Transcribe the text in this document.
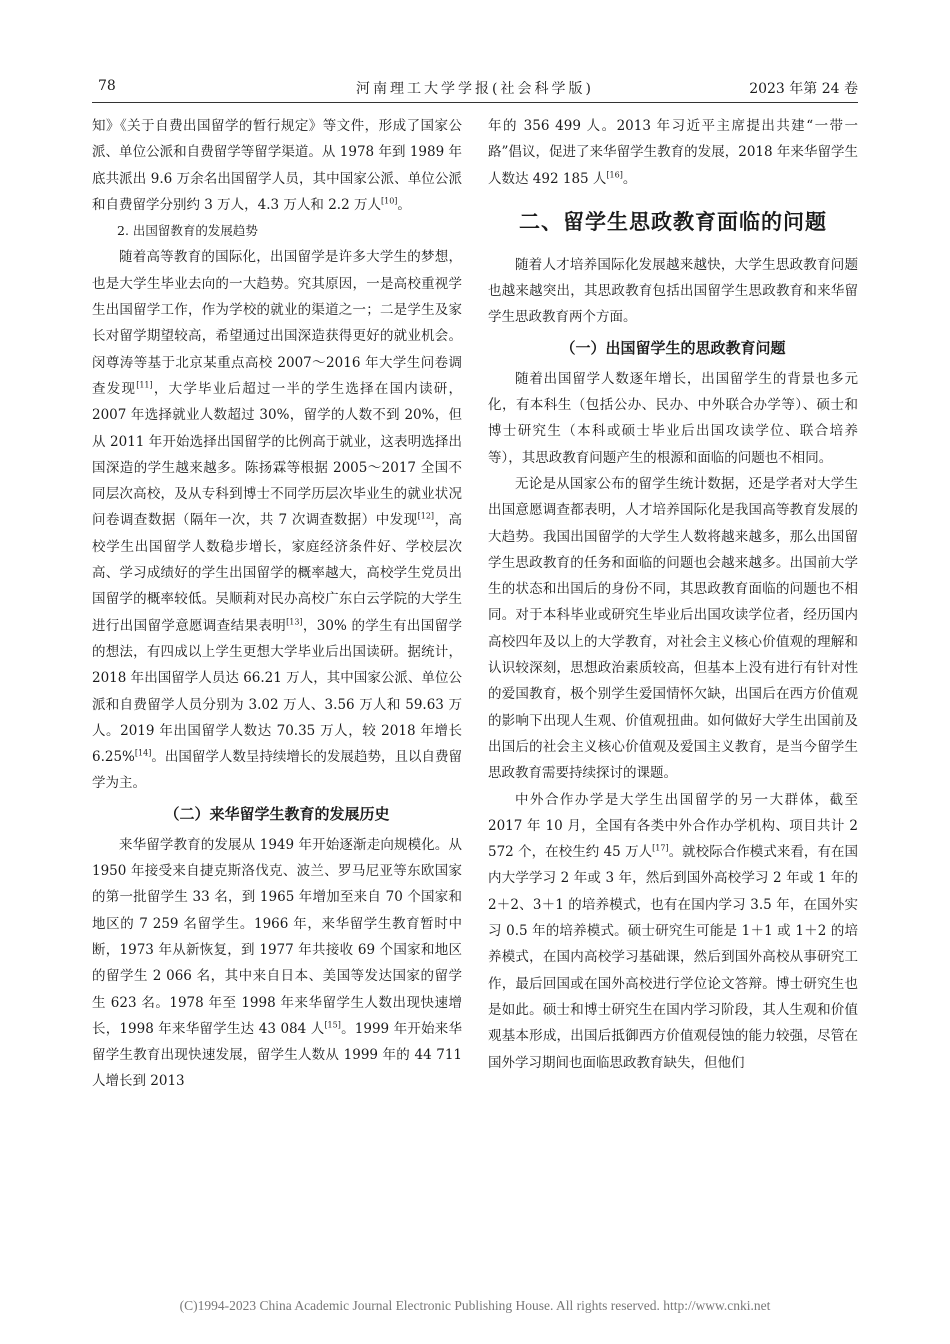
78	河南理工大学学报(社会科学版)	2023 年第 24 卷

知》《关于自费出国留学的暂行规定》等文件，形成了国家公派、单位公派和自费留学等留学渠道。从 1978 年到 1989 年底共派出 9.6 万余名出国留学人员，其中国家公派、单位公派和自费留学分别约 3 万人，4.3 万人和 2.2 万人[10]。

2. 出国留教育的发展趋势

随着高等教育的国际化，出国留学是许多大学生的梦想，也是大学生毕业去向的一大趋势。究其原因，一是高校重视学生出国留学工作，作为学校的就业的渠道之一；二是学生及家长对留学期望较高，希望通过出国深造获得更好的就业机会。闵尊涛等基于北京某重点高校 2007～2016 年大学生问卷调查发现[11]，大学毕业后超过一半的学生选择在国内读研，2007 年选择就业人数超过 30%，留学的人数不到 20%，但从 2011 年开始选择出国留学的比例高于就业，这表明选择出国深造的学生越来越多。陈扬霖等根据 2005～2017 全国不同层次高校，及从专科到博士不同学历层次毕业生的就业状况问卷调查数据（隔年一次，共 7 次调查数据）中发现[12]，高校学生出国留学人数稳步增长，家庭经济条件好、学校层次高、学习成绩好的学生出国留学的概率越大，高校学生党员出国留学的概率较低。吴顺莉对民办高校广东白云学院的大学生进行出国留学意愿调查结果表明[13]，30% 的学生有出国留学的想法，有四成以上学生更想大学毕业后出国读研。据统计，2018 年出国留学人员达 66.21 万人，其中国家公派、单位公派和自费留学人员分别为 3.02 万人、3.56 万人和 59.63 万人。2019 年出国留学人数达 70.35 万人，较 2018 年增长 6.25%[14]。出国留学人数呈持续增长的发展趋势，且以自费留学为主。

（二）来华留学生教育的发展历史

来华留学教育的发展从 1949 年开始逐渐走向规模化。从 1950 年接受来自捷克斯洛伐克、波兰、罗马尼亚等东欧国家的第一批留学生 33 名，到 1965 年增加至来自 70 个国家和地区的 7 259 名留学生。1966 年，来华留学生教育暂时中断，1973 年从新恢复，到 1977 年共接收 69 个国家和地区的留学生 2 066 名，其中来自日本、美国等发达国家的留学生 623 名。1978 年至 1998 年来华留学生人数出现快速增长，1998 年来华留学生达 43 084 人[15]。1999 年开始来华留学生教育出现快速发展，留学生人数从 1999 年的 44 711 人增长到 2013

年的 356 499 人。2013 年习近平主席提出共建“一带一路”倡议，促进了来华留学生教育的发展，2018 年来华留学生人数达 492 185 人[16]。

二、留学生思政教育面临的问题

随着人才培养国际化发展越来越快，大学生思政教育问题也越来越突出，其思政教育包括出国留学生思政教育和来华留学生思政教育两个方面。

（一）出国留学生的思政教育问题

随着出国留学人数逐年增长，出国留学生的背景也多元化，有本科生（包括公办、民办、中外联合办学等）、硕士和博士研究生（本科或硕士毕业后出国攻读学位、联合培养等），其思政教育问题产生的根源和面临的问题也不相同。

无论是从国家公布的留学生统计数据，还是学者对大学生出国意愿调查都表明，人才培养国际化是我国高等教育发展的大趋势。我国出国留学的大学生人数将越来越多，那么出国留学生思政教育的任务和面临的问题也会越来越多。出国前大学生的状态和出国后的身份不同，其思政教育面临的问题也不相同。对于本科毕业或研究生毕业后出国攻读学位者，经历国内高校四年及以上的大学教育，对社会主义核心价值观的理解和认识较深刻，思想政治素质较高，但基本上没有进行有针对性的爱国教育，极个别学生爱国情怀欠缺，出国后在西方价值观的影响下出现人生观、价值观扭曲。如何做好大学生出国前及出国后的社会主义核心价值观及爱国主义教育，是当今留学生思政教育需要持续探讨的课题。

中外合作办学是大学生出国留学的另一大群体，截至 2017 年 10 月，全国有各类中外合作办学机构、项目共计 2 572 个，在校生约 45 万人[17]。就校际合作模式来看，有在国内大学学习 2 年或 3 年，然后到国外高校学习 2 年或 1 年的 2＋2、3＋1 的培养模式，也有在国内学习 3.5 年，在国外实习 0.5 年的培养模式。硕士研究生可能是 1＋1 或 1＋2 的培养模式，在国内高校学习基础课，然后到国外高校从事研究工作，最后回国或在国外高校进行学位论文答辩。博士研究生也是如此。硕士和博士研究生在国内学习阶段，其人生观和价值观基本形成，出国后抵御西方价值观侵蚀的能力较强，尽管在国外学习期间也面临思政教育缺失，但他们

(C)1994-2023 China Academic Journal Electronic Publishing House. All rights reserved. http://www.cnki.net
